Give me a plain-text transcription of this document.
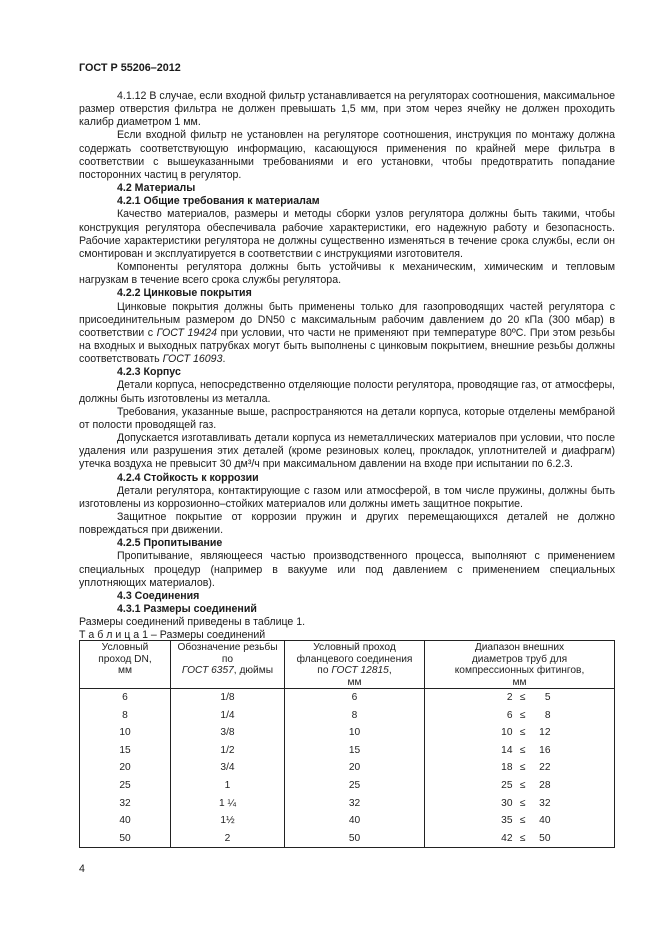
ГОСТ Р 55206–2012

4.1.12 В случае, если входной фильтр устанавливается на регуляторах соотношения, максимальное размер отверстия фильтра не должен превышать 1,5 мм, при этом через ячейку не должен проходить калибр диаметром 1 мм.

Если входной фильтр не установлен на регуляторе соотношения, инструкция по монтажу должна содержать соответствующую информацию, касающуюся применения по крайней мере фильтра в соответствии с вышеуказанными требованиями и его установки, чтобы предотвратить попадание посторонних частиц в регулятор.

4.2 Материалы

4.2.1 Общие требования к материалам

Качество материалов, размеры и методы сборки узлов регулятора должны быть такими, чтобы конструкция регулятора обеспечивала рабочие характеристики, его надежную работу и безопасность. Рабочие характеристики регулятора не должны существенно изменяться в течение срока службы, если он смонтирован и эксплуатируется в соответствии с инструкциями изготовителя.

Компоненты регулятора должны быть устойчивы к механическим, химическим и тепловым нагрузкам в течение всего срока службы регулятора.

4.2.2 Цинковые покрытия

Цинковые покрытия должны быть применены только для газопроводящих частей регулятора с присоединительным размером до DN50 с максимальным рабочим давлением до 20 кПа (300 мбар) в соответствии с ГОСТ 19424 при условии, что части не применяют при температуре 80ºС. При этом резьбы на входных и выходных патрубках могут быть выполнены с цинковым покрытием, внешние резьбы должны соответствовать ГОСТ 16093.

4.2.3 Корпус

Детали корпуса, непосредственно отделяющие полости регулятора, проводящие газ, от атмосферы, должны быть изготовлены из металла.

Требования, указанные выше, распространяются на детали корпуса, которые отделены мембраной от полости проводящей газ.

Допускается изготавливать детали корпуса из неметаллических материалов при условии, что после удаления или разрушения этих деталей (кроме резиновых колец, прокладок, уплотнителей и диафрагм) утечка воздуха не превысит 30 дм³/ч при максимальном давлении на входе при испытании по 6.2.3.

4.2.4 Стойкость к коррозии

Детали регулятора, контактирующие с газом или атмосферой, в том числе пружины, должны быть изготовлены из коррозионно–стойких материалов или должны иметь защитное покрытие.

Защитное покрытие от коррозии пружин и других перемещающихся деталей не должно повреждаться при движении.

4.2.5 Пропитывание

Пропитывание, являющееся частью производственного процесса, выполняют с применением специальных процедур (например в вакууме или под давлением с применением специальных уплотняющих материалов).

4.3 Соединения

4.3.1 Размеры соединений

Размеры соединений приведены в таблице 1.

Т а б л и ц а 1 – Размеры соединений

Условный
проход DN,
мм	Обозначение резьбы
по
ГОСТ 6357, дюймы	Условный проход
фланцевого соединения
по ГОСТ 12815,
мм	Диапазон внешних
диаметров труб для
компрессионных фитингов,
мм
6	1/8	6	2 ≤ 5
8	1/4	8	6 ≤ 8
10	3/8	10	10 ≤ 12
15	1/2	15	14 ≤ 16
20	3/4	20	18 ≤ 22
25	1	25	25 ≤ 28
32	1 ¼	32	30 ≤ 32
40	1½	40	35 ≤ 40
50	2	50	42 ≤ 50
4
